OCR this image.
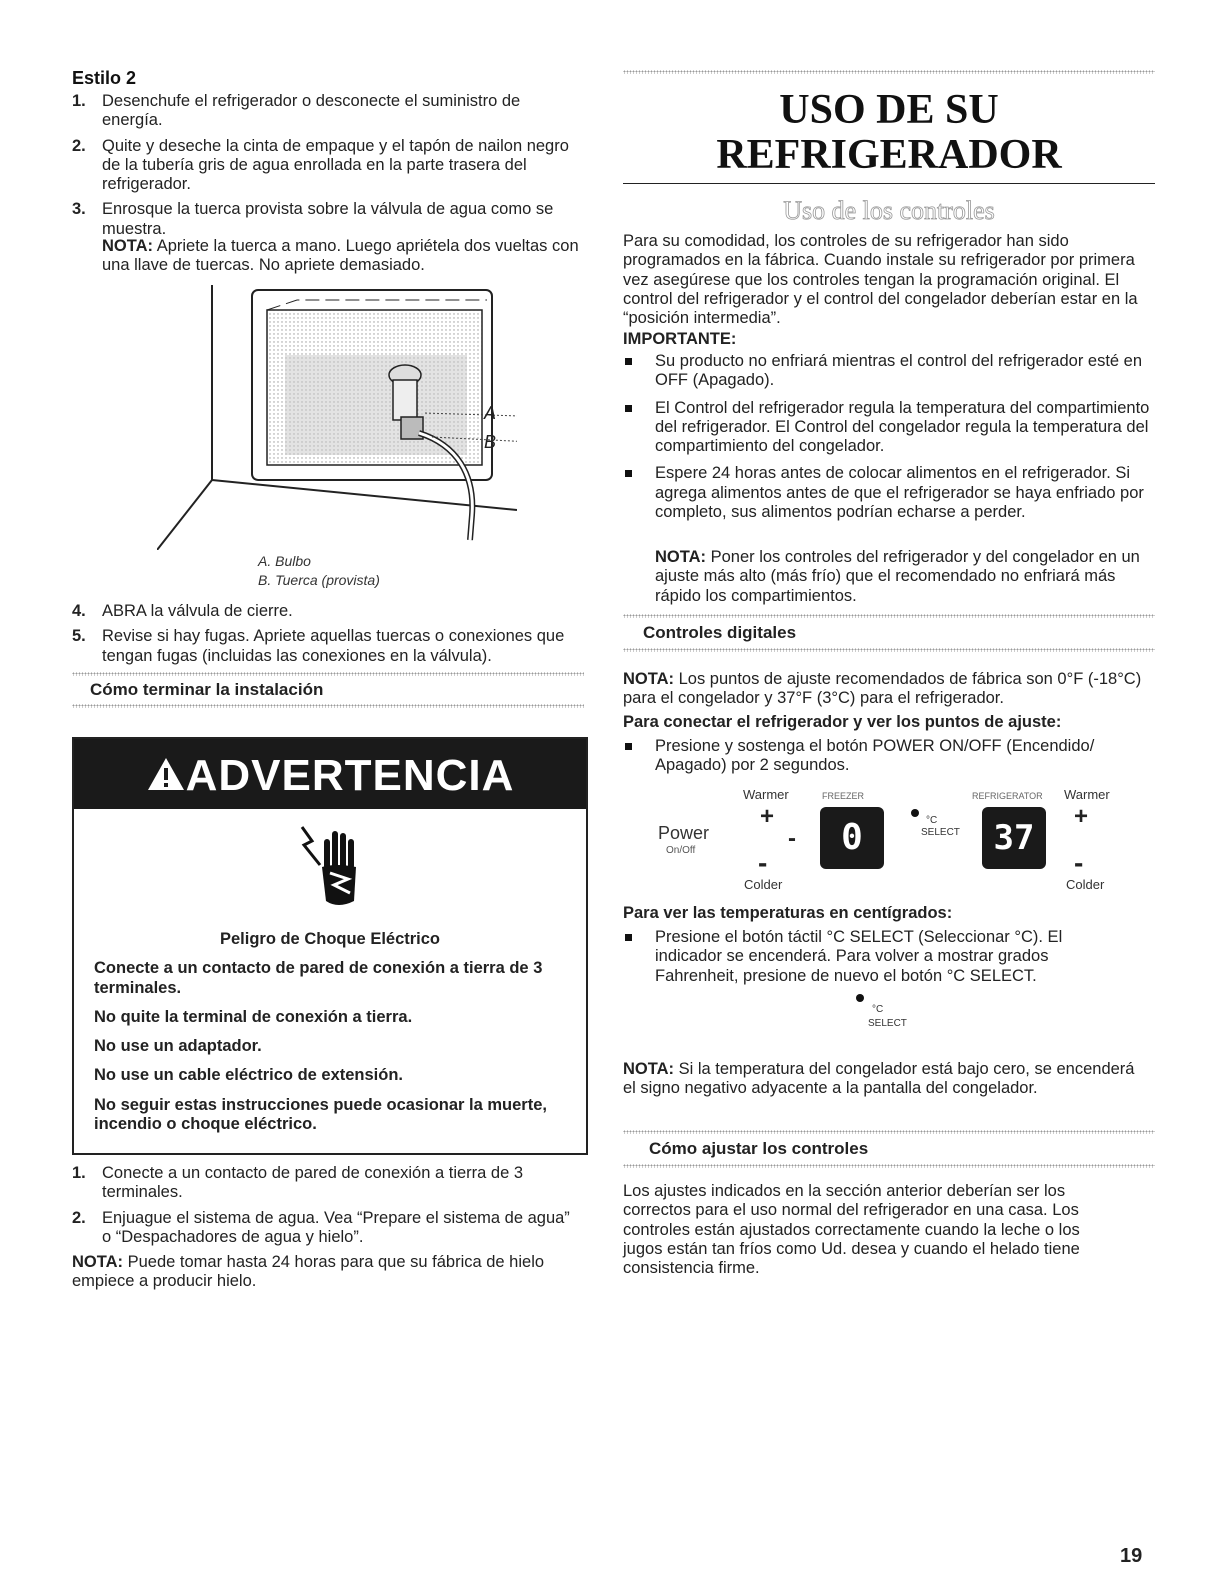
Estilo 2
1. Desenchufe el refrigerador o desconecte el suministro de energía.
2. Quite y deseche la cinta de empaque y el tapón de nailon negro de la tubería gris de agua enrollada en la parte trasera del refrigerador.
3. Enrosque la tuerca provista sobre la válvula de agua como se muestra.
NOTA: Apriete la tuerca a mano. Luego apriétela dos vueltas con una llave de tuercas. No apriete demasiado.
A
B
A. Bulbo
B. Tuerca (provista)
4. ABRA la válvula de cierre.
5. Revise si hay fugas. Apriete aquellas tuercas o conexiones que tengan fugas (incluidas las conexiones en la válvula).
Cómo terminar la instalación
ADVERTENCIA

Peligro de Choque Eléctrico

Conecte a un contacto de pared de conexión a tierra de 3 terminales.

No quite la terminal de conexión a tierra.

No use un adaptador.

No use un cable eléctrico de extensión.

No seguir estas instrucciones puede ocasionar la muerte, incendio o choque eléctrico.

1. Conecte a un contacto de pared de conexión a tierra de 3 terminales.
2. Enjuague el sistema de agua. Vea “Prepare el sistema de agua” o “Despachadores de agua y hielo”.
NOTA: Puede tomar hasta 24 horas para que su fábrica de hielo empiece a producir hielo.
USO DE SU
REFRIGERADOR
Uso de los controles
Para su comodidad, los controles de su refrigerador han sido programados en la fábrica. Cuando instale su refrigerador por primera vez asegúrese que los controles tengan la programación original. El control del refrigerador y el control del congelador deberían estar en la “posición intermedia”.
IMPORTANTE:
Su producto no enfriará mientras el control del refrigerador esté en OFF (Apagado).
El Control del refrigerador regula la temperatura del compartimiento del refrigerador. El Control del congelador regula la temperatura del compartimiento del congelador.
Espere 24 horas antes de colocar alimentos en el refrigerador. Si agrega alimentos antes de que el refrigerador se haya enfriado por completo, sus alimentos podrían echarse a perder.
NOTA: Poner los controles del refrigerador y del congelador en un ajuste más alto (más frío) que el recomendado no enfriará más rápido los compartimientos.
Controles digitales
NOTA: Los puntos de ajuste recomendados de fábrica son 0°F (-18°C) para el congelador y 37°F (3°C) para el refrigerador.
Para conectar el refrigerador y ver los puntos de ajuste:
Presione y sostenga el botón POWER ON/OFF (Encendido/ Apagado) por 2 segundos.
Power
On/Off
Warmer
+
-
-
Colder
FREEZER
0	°C
SELECT
REFRIGERATOR
37
Warmer
+
-
Colder
Para ver las temperaturas en centígrados:
Presione el botón táctil °C SELECT (Seleccionar °C). El indicador se encenderá. Para volver a mostrar grados Fahrenheit, presione de nuevo el botón °C SELECT.
°C
SELECT
NOTA: Si la temperatura del congelador está bajo cero, se encenderá el signo negativo adyacente a la pantalla del congelador.
Cómo ajustar los controles
Los ajustes indicados en la sección anterior deberían ser los correctos para el uso normal del refrigerador en una casa. Los controles están ajustados correctamente cuando la leche o los jugos están tan fríos como Ud. desea y cuando el helado tiene consistencia firme.
19
